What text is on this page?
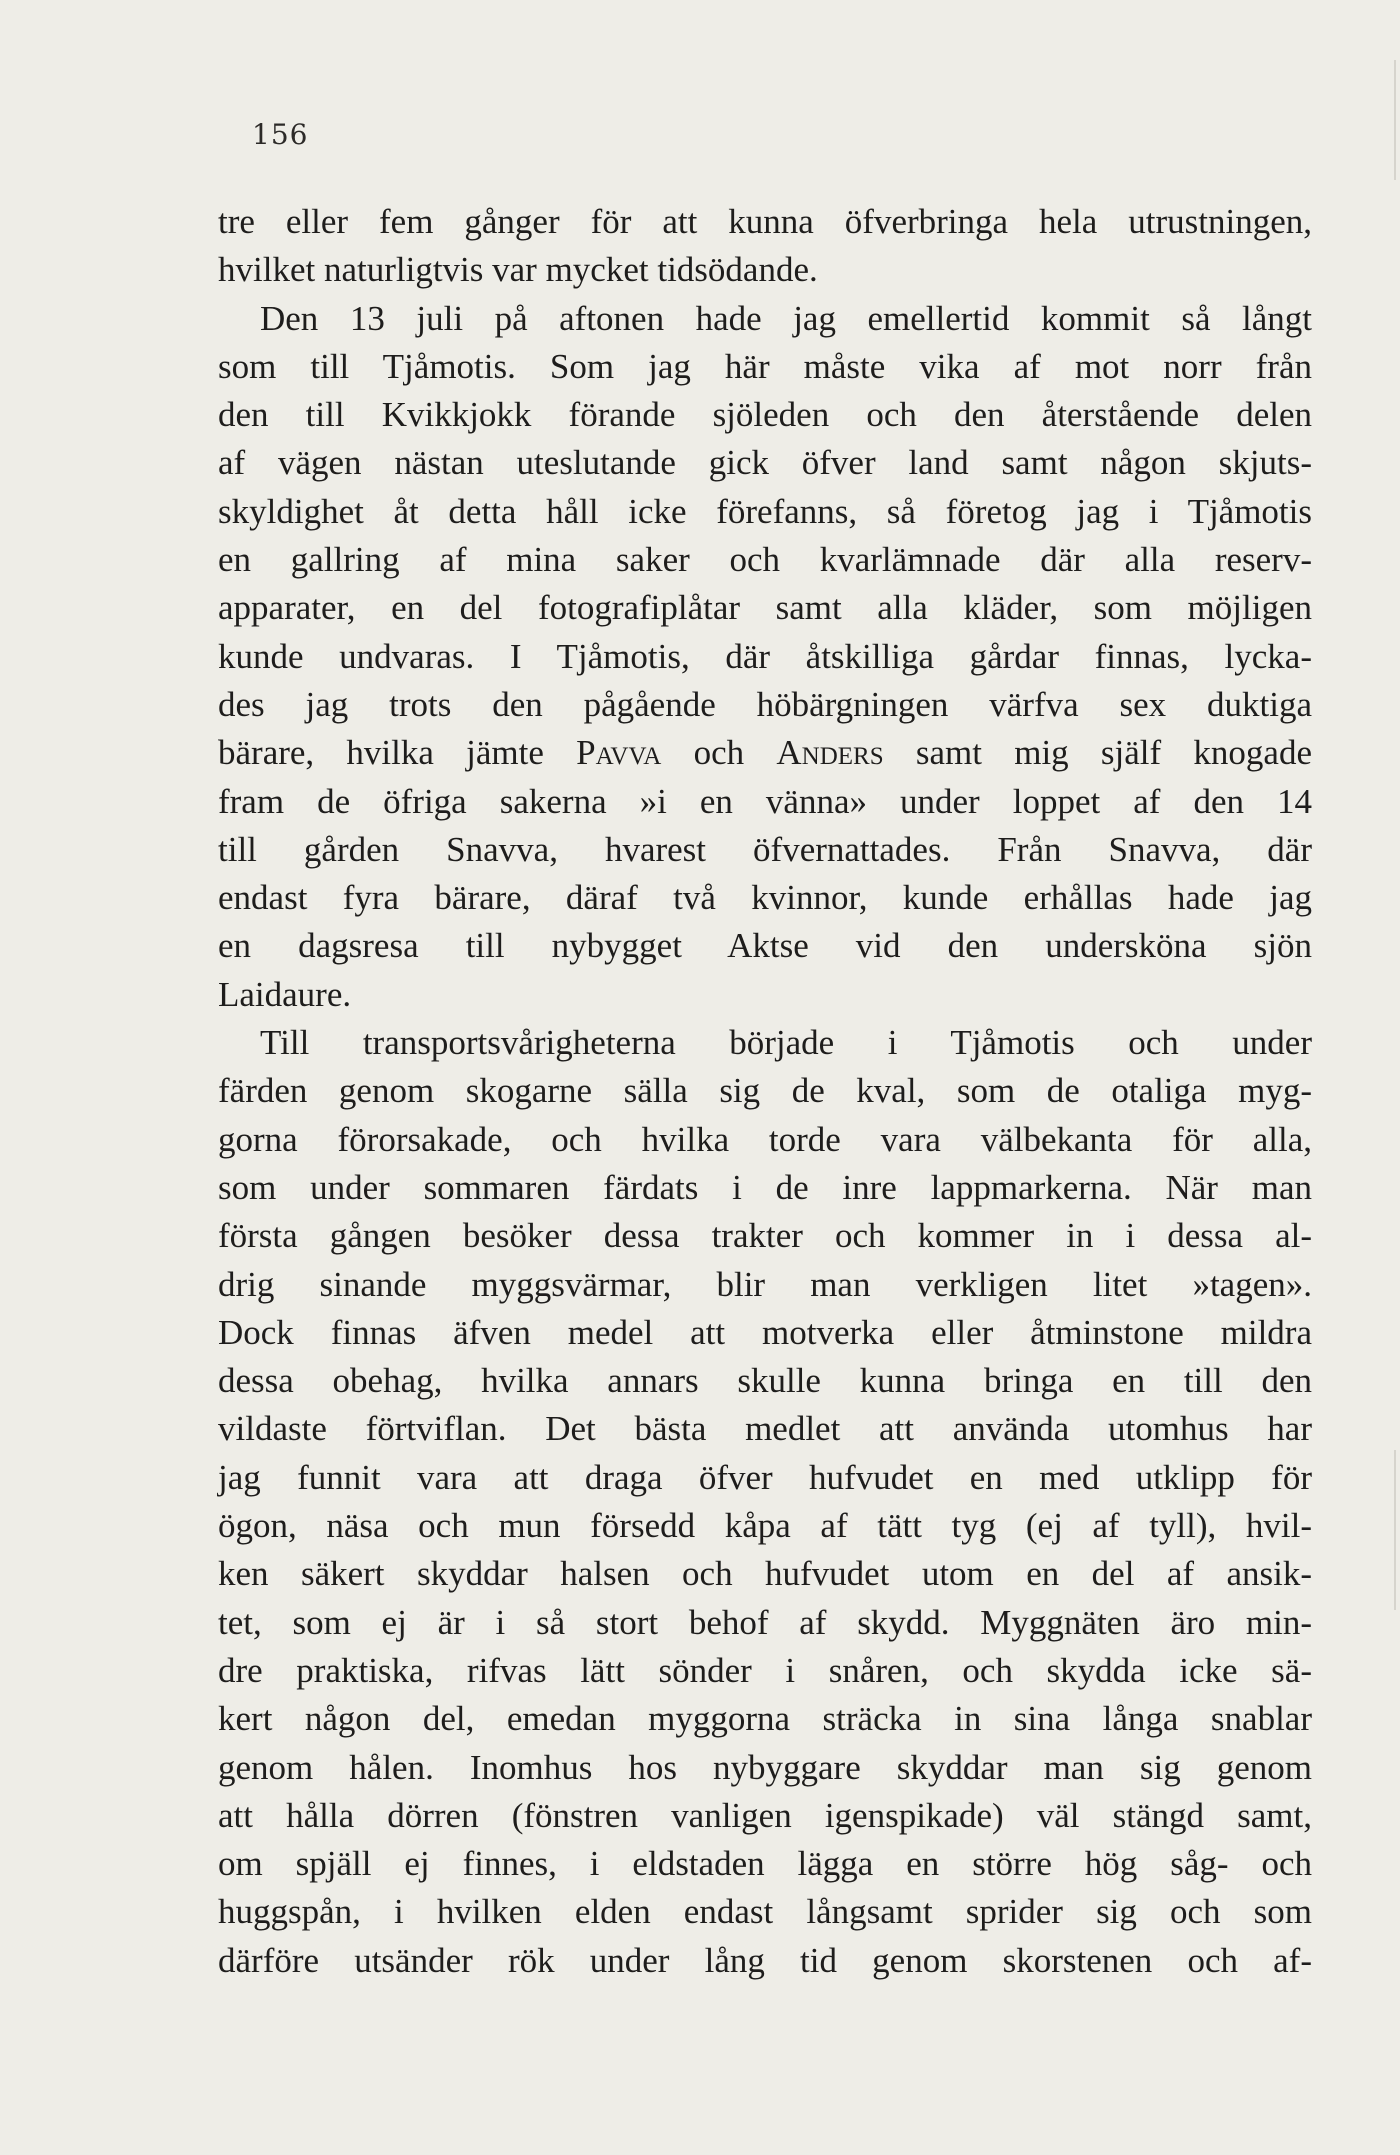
156
tre eller fem gånger för att kunna öfverbringa hela utrustningen,
hvilket naturligtvis var mycket tidsödande.
Den 13 juli på aftonen hade jag emellertid kommit så långt
som till Tjåmotis. Som jag här måste vika af mot norr från
den till Kvikkjokk förande sjöleden och den återstående delen
af vägen nästan uteslutande gick öfver land samt någon skjuts-
skyldighet åt detta håll icke förefanns, så företog jag i Tjåmotis
en gallring af mina saker och kvarlämnade där alla reserv-
apparater, en del fotografiplåtar samt alla kläder, som möjligen
kunde undvaras. I Tjåmotis, där åtskilliga gårdar finnas, lycka-
des jag trots den pågående höbärgningen värfva sex duktiga
bärare, hvilka jämte Pavva och Anders samt mig själf knogade
fram de öfriga sakerna »i en vänna» under loppet af den 14
till gården Snavva, hvarest öfvernattades. Från Snavva, där
endast fyra bärare, däraf två kvinnor, kunde erhållas hade jag
en dagsresa till nybygget Aktse vid den undersköna sjön
Laidaure.
Till transportsvårigheterna började i Tjåmotis och under
färden genom skogarne sälla sig de kval, som de otaliga myg-
gorna förorsakade, och hvilka torde vara välbekanta för alla,
som under sommaren färdats i de inre lappmarkerna. När man
första gången besöker dessa trakter och kommer in i dessa al-
drig sinande myggsvärmar, blir man verkligen litet »tagen».
Dock finnas äfven medel att motverka eller åtminstone mildra
dessa obehag, hvilka annars skulle kunna bringa en till den
vildaste förtviflan. Det bästa medlet att använda utomhus har
jag funnit vara att draga öfver hufvudet en med utklipp för
ögon, näsa och mun försedd kåpa af tätt tyg (ej af tyll), hvil-
ken säkert skyddar halsen och hufvudet utom en del af ansik-
tet, som ej är i så stort behof af skydd. Myggnäten äro min-
dre praktiska, rifvas lätt sönder i snåren, och skydda icke sä-
kert någon del, emedan myggorna sträcka in sina långa snablar
genom hålen. Inomhus hos nybyggare skyddar man sig genom
att hålla dörren (fönstren vanligen igenspikade) väl stängd samt,
om spjäll ej finnes, i eldstaden lägga en större hög såg- och
huggspån, i hvilken elden endast långsamt sprider sig och som
därföre utsänder rök under lång tid genom skorstenen och af-
